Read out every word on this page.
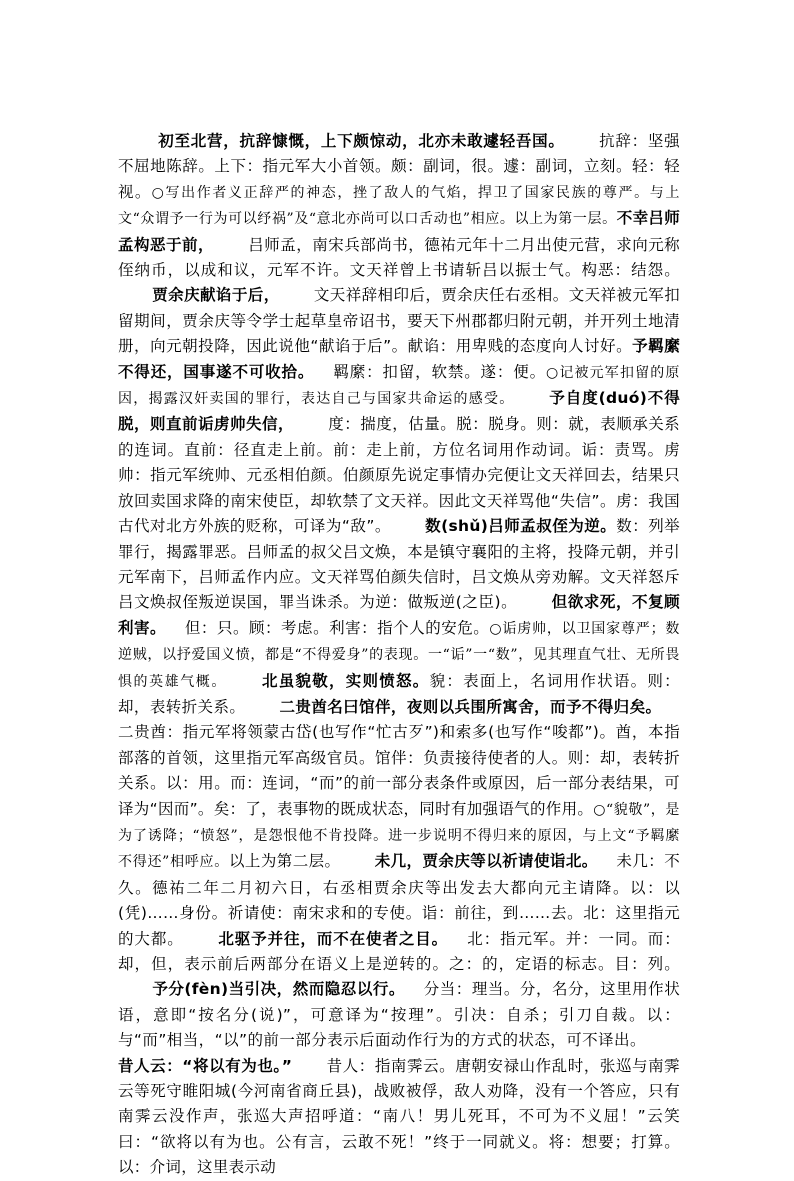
初至北营，抗辞慷慨，上下颇惊动，北亦未敢遽轻吾国。 抗辞：坚强不屈地陈辞。上下：指元军大小首领。颇：副词，很。遽：副词，立刻。轻：轻视。○写出作者义正辞严的神态，挫了敌人的气焰，捍卫了国家民族的尊严。与上文“众谓予一行为可以纾祸”及“意北亦尚可以口舌动也”相应。以上为第一层。不幸吕师孟构恶于前， 吕师孟，南宋兵部尚书，德祐元年十二月出使元营，求向元称侄纳币，以成和议，元军不许。文天祥曾上书请斩吕以振士气。构恶：结怨。贾余庆献谄于后， 文天祥辞相印后，贾余庆任右丞相。文天祥被元军扣留期间，贾余庆等令学士起草皇帝诏书，要天下州郡都归附元朝，并开列土地清册，向元朝投降，因此说他“献谄于后”。献谄：用卑贱的态度向人讨好。予羁縻不得还，国事遂不可收拾。 羁縻：扣留，软禁。遂：便。○记被元军扣留的原因，揭露汉奸卖国的罪行，表达自己与国家共命运的感受。 予自度(duó)不得脱，则直前诟虏帅失信， 度：揣度，估量。脱：脱身。则：就，表顺承关系的连词。直前：径直走上前。前：走上前，方位名词用作动词。诟：责骂。虏帅：指元军统帅、元丞相伯颜。伯颜原先说定事情办完便让文天祥回去，结果只放回卖国求降的南宋使臣，却软禁了文天祥。因此文天祥骂他“失信”。虏：我国古代对北方外族的贬称，可译为“敌”。 数(shǔ)吕师孟叔侄为逆。数：列举罪行，揭露罪恶。吕师孟的叔父吕文焕，本是镇守襄阳的主将，投降元朝，并引元军南下，吕师孟作内应。文天祥骂伯颜失信时，吕文焕从旁劝解。文天祥怒斥吕文焕叔侄叛逆误国，罪当诛杀。为逆：做叛逆(之臣)。 但欲求死，不复顾利害。 但：只。顾：考虑。利害：指个人的安危。○诟虏帅，以卫国家尊严；数逆贼，以抒爱国义愤，都是“不得爱身”的表现。一“诟”一“数”，见其理直气壮、无所畏惧的英雄气概。 北虽貌敬，实则愤怒。貌：表面上，名词用作状语。则：却，表转折关系。 二贵酋名曰馆伴，夜则以兵围所寓舍，而予不得归矣。二贵酋：指元军将领蒙古岱(也写作“忙古歹”)和索多(也写作“唆都”)。酋，本指部落的首领，这里指元军高级官员。馆伴：负责接待使者的人。则：却，表转折关系。以：用。而：连词，“而”的前一部分表条件或原因，后一部分表结果，可译为“因而”。矣：了，表事物的既成状态，同时有加强语气的作用。○“貌敬”，是为了诱降；“愤怒”，是怨恨他不肯投降。进一步说明不得归来的原因，与上文“予羁縻不得还”相呼应。以上为第二层。 未几，贾余庆等以祈请使诣北。 未几：不久。德祐二年二月初六日，右丞相贾余庆等出发去大都向元主请降。以：以(凭)……身份。祈请使：南宋求和的专使。诣：前往，到……去。北：这里指元的大都。 北驱予并往，而不在使者之目。 北：指元军。并：一同。而：却，但，表示前后两部分在语义上是逆转的。之：的，定语的标志。目：列。予分(fèn)当引决，然而隐忍以行。 分当：理当。分，名分，这里用作状语，意即“按名分(说)”，可意译为“按理”。引决：自杀；引刀自裁。以：与“而”相当，“以”的前一部分表示后面动作行为的方式的状态，可不译出。昔人云：“将以有为也。” 昔人：指南霁云。唐朝安禄山作乱时，张巡与南霁云等死守睢阳城(今河南省商丘县)，战败被俘，敌人劝降，没有一个答应，只有南霁云没作声，张巡大声招呼道：“南八！男儿死耳，不可为不义屈！”云笑曰：“欲将以有为也。公有言，云敢不死！”终于一同就义。将：想要；打算。以：介词，这里表示动
